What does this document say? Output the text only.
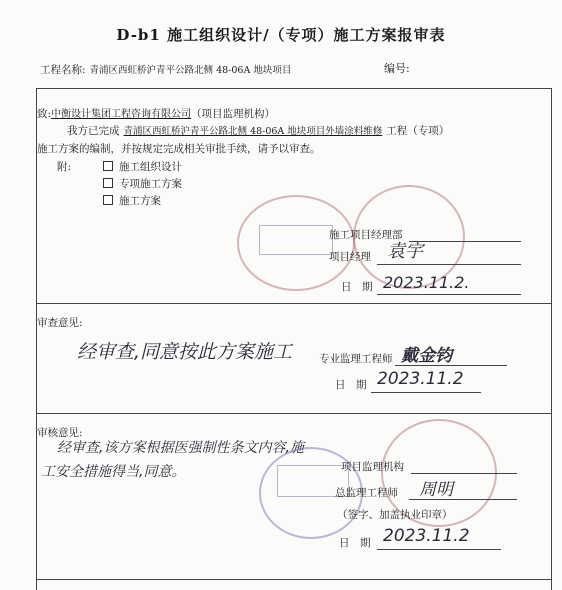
D-b1 施工组织设计/（专项）施工方案报审表
工程名称: 青浦区西虹桥沪青平公路北侧 48-06A 地块项目	编号:
致:中衡设计集团工程咨询有限公司（项目监理机构）
我方已完成 青浦区西虹桥沪青平公路北侧 48-06A 地块项目外墙涂料维修 工程（专项）
施工方案的编制，并按规定完成相关审批手续，请予以审查。
附:	施工组织设计
专项施工方案
施工方案
施工项目经理部
项目经理 袁宇
日　期 2023.11.2.
审查意见:
经审查,同意按此方案施工	专业监理工程师 戴金钧
日　期 2023.11.2
审核意见:
经审查,该方案根据医强制性条文内容,施
工安全措施得当,同意。	项目监理机构
总监理工程师 周明
（签字、加盖执业印章）
日　期 2023.11.2
